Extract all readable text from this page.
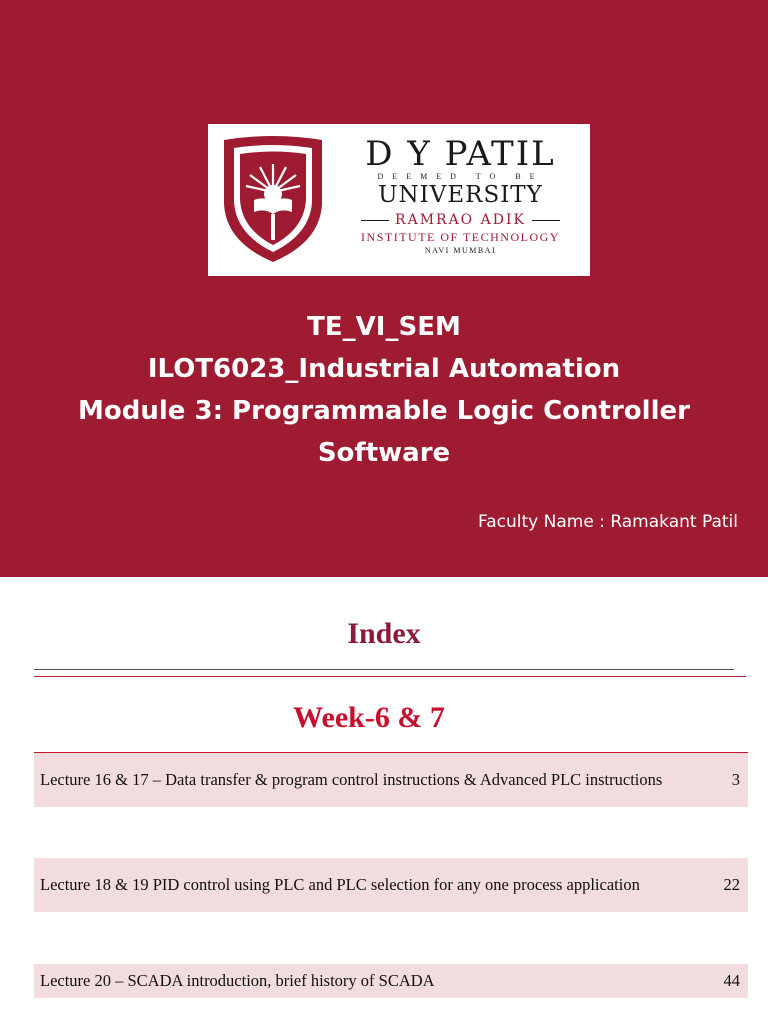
D Y PATIL
DEEMED TO BE
UNIVERSITY
RAMRAO ADIK
INSTITUTE OF TECHNOLOGY
NAVI MUMBAI
TE_VI_SEM
ILOT6023_Industrial Automation
Module 3: Programmable Logic Controller
Software
Faculty Name : Ramakant Patil
Index
Week-6 & 7
Lecture 16 & 17 – Data transfer & program control instructions & Advanced PLC instructions	3
Lecture 18 & 19 PID control using PLC and PLC selection for any one process application	22
Lecture 20 – SCADA introduction, brief history of SCADA	44
